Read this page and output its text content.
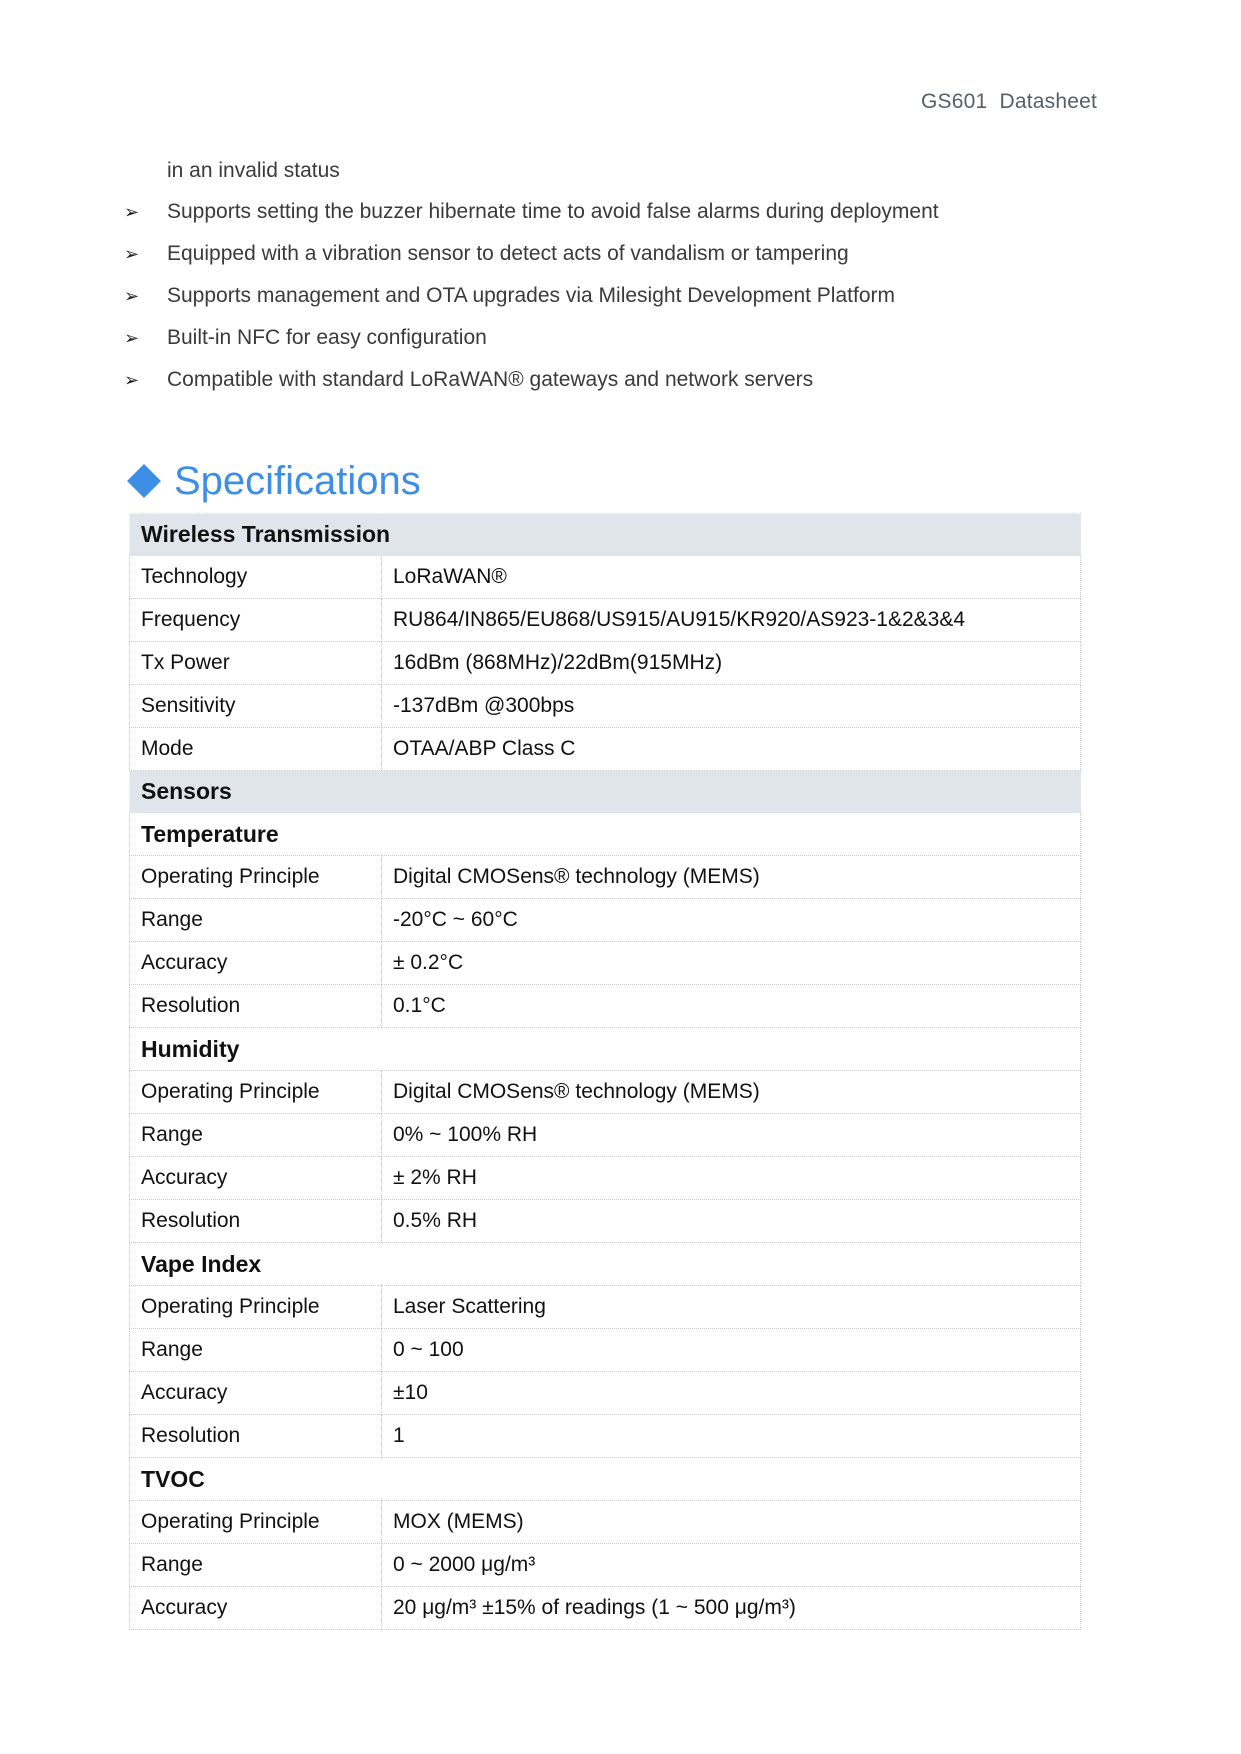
GS601  Datasheet
in an invalid status
➢	Supports setting the buzzer hibernate time to avoid false alarms during deployment
➢	Equipped with a vibration sensor to detect acts of vandalism or tampering
➢	Supports management and OTA upgrades via Milesight Development Platform
➢	Built-in NFC for easy configuration
➢	Compatible with standard LoRaWAN® gateways and network servers
Specifications
Wireless Transmission	
Technology	LoRaWAN®
Frequency	RU864/IN865/EU868/US915/AU915/KR920/AS923-1&2&3&4
Tx Power	16dBm (868MHz)/22dBm(915MHz)
Sensitivity	-137dBm @300bps
Mode	OTAA/ABP Class C
Sensors	
Temperature	
Operating Principle	Digital CMOSens® technology (MEMS)
Range	-20°C ~ 60°C
Accuracy	± 0.2°C
Resolution	0.1°C
Humidity	
Operating Principle	Digital CMOSens® technology (MEMS)
Range	0% ~ 100% RH
Accuracy	± 2% RH
Resolution	0.5% RH
Vape Index	
Operating Principle	Laser Scattering
Range	0 ~ 100
Accuracy	±10
Resolution	1
TVOC	
Operating Principle	MOX (MEMS)
Range	0 ~ 2000 μg/m³
Accuracy	20 μg/m³ ±15% of readings (1 ~ 500 μg/m³)
